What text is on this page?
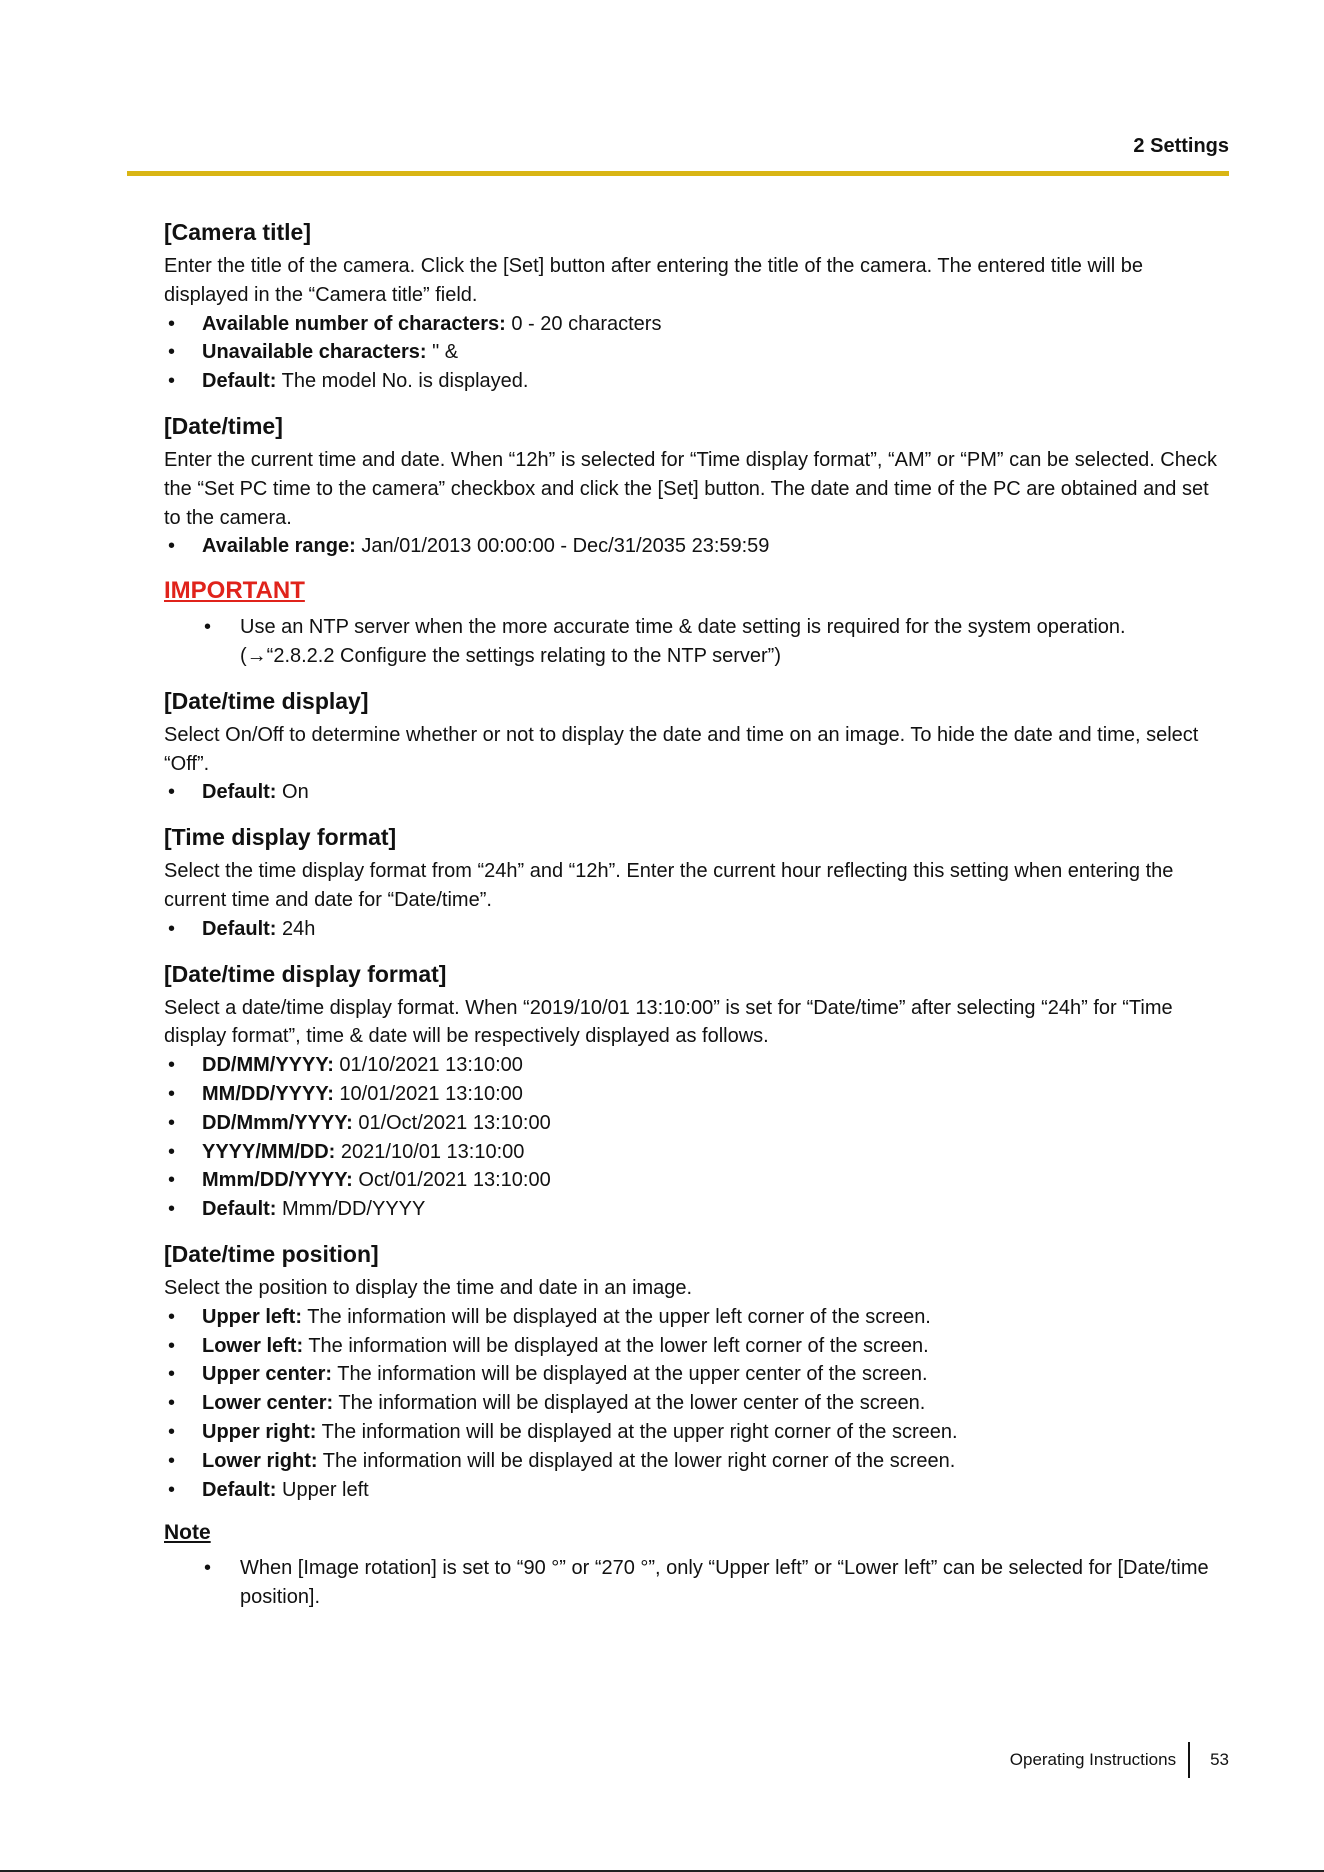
2 Settings
[Camera title]

Enter the title of the camera. Click the [Set] button after entering the title of the camera. The entered title will be displayed in the “Camera title” field.

• Available number of characters: 0 - 20 characters
• Unavailable characters: " &
• Default: The model No. is displayed.
[Date/time]

Enter the current time and date. When “12h” is selected for “Time display format”, “AM” or “PM” can be selected. Check the “Set PC time to the camera” checkbox and click the [Set] button. The date and time of the PC are obtained and set to the camera.

• Available range: Jan/01/2013 00:00:00 - Dec/31/2035 23:59:59
IMPORTANT
• Use an NTP server when the more accurate time & date setting is required for the system operation.
(→“2.8.2.2 Configure the settings relating to the NTP server”)
[Date/time display]

Select On/Off to determine whether or not to display the date and time on an image. To hide the date and time, select “Off”.

• Default: On
[Time display format]

Select the time display format from “24h” and “12h”. Enter the current hour reflecting this setting when entering the current time and date for “Date/time”.

• Default: 24h
[Date/time display format]

Select a date/time display format. When “2019/10/01 13:10:00” is set for “Date/time” after selecting “24h” for “Time display format”, time & date will be respectively displayed as follows.

• DD/MM/YYYY: 01/10/2021 13:10:00
• MM/DD/YYYY: 10/01/2021 13:10:00
• DD/Mmm/YYYY: 01/Oct/2021 13:10:00
• YYYY/MM/DD: 2021/10/01 13:10:00
• Mmm/DD/YYYY: Oct/01/2021 13:10:00
• Default: Mmm/DD/YYYY
[Date/time position]

Select the position to display the time and date in an image.

• Upper left: The information will be displayed at the upper left corner of the screen.
• Lower left: The information will be displayed at the lower left corner of the screen.
• Upper center: The information will be displayed at the upper center of the screen.
• Lower center: The information will be displayed at the lower center of the screen.
• Upper right: The information will be displayed at the upper right corner of the screen.
• Lower right: The information will be displayed at the lower right corner of the screen.
• Default: Upper left
Note
• When [Image rotation] is set to “90 °” or “270 °”, only “Upper left” or “Lower left” can be selected for [Date/time position].
Operating Instructions 53
